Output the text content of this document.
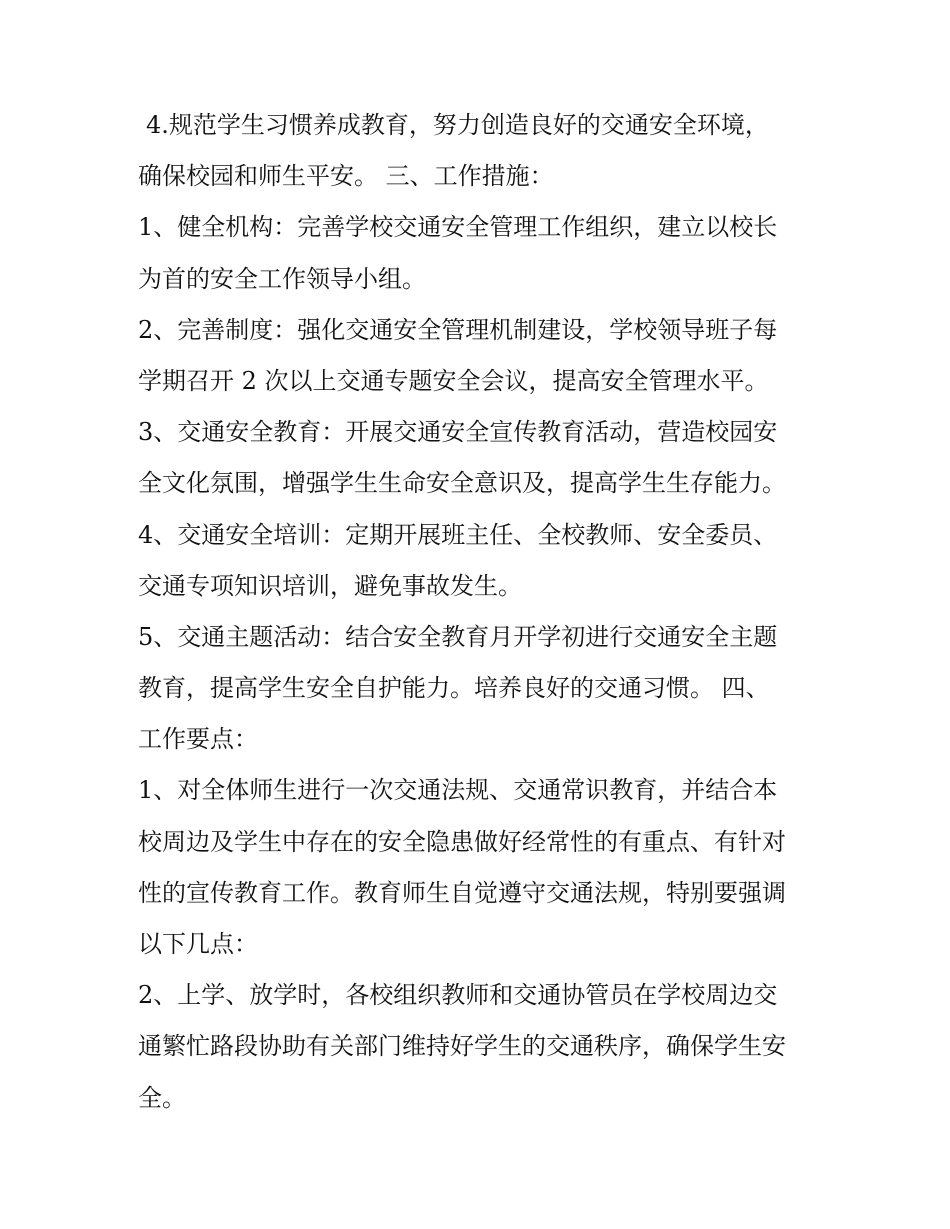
4.规范学生习惯养成教育，努力创造良好的交通安全环境，
确保校园和师生平安。 三、工作措施：
1、健全机构：完善学校交通安全管理工作组织，建立以校长
为首的安全工作领导小组。
2、完善制度：强化交通安全管理机制建设，学校领导班子每
学期召开 2 次以上交通专题安全会议，提高安全管理水平。
3、交通安全教育：开展交通安全宣传教育活动，营造校园安
全文化氛围，增强学生生命安全意识及，提高学生生存能力。
4、交通安全培训：定期开展班主任、全校教师、安全委员、
交通专项知识培训，避免事故发生。
5、交通主题活动：结合安全教育月开学初进行交通安全主题
教育，提高学生安全自护能力。培养良好的交通习惯。 四、
工作要点：
1、对全体师生进行一次交通法规、交通常识教育，并结合本
校周边及学生中存在的安全隐患做好经常性的有重点、有针对
性的宣传教育工作。教育师生自觉遵守交通法规，特别要强调
以下几点：
2、上学、放学时，各校组织教师和交通协管员在学校周边交
通繁忙路段协助有关部门维持好学生的交通秩序，确保学生安
全。
